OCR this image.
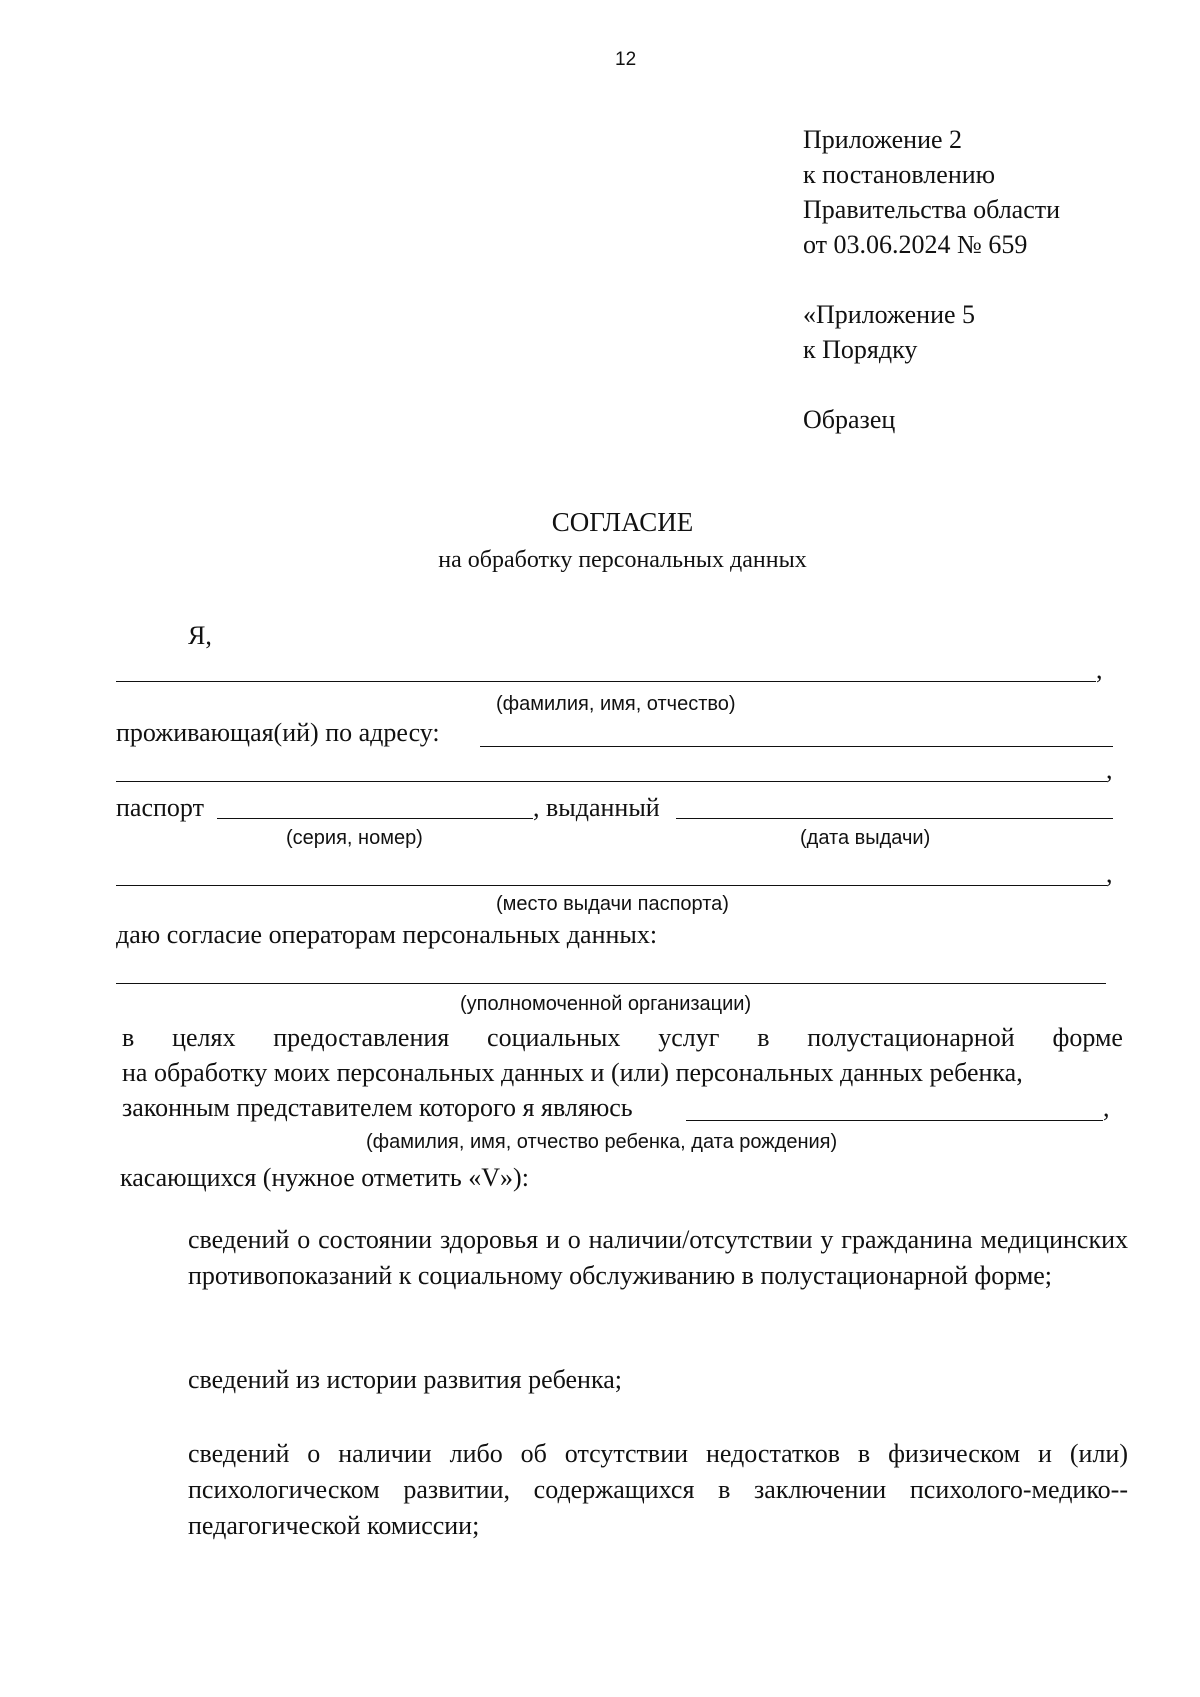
12
Приложение 2
к постановлению
Правительства области
от 03.06.2024 № 659
«Приложение 5
к Порядку
Образец
СОГЛАСИЕ
на обработку персональных данных
Я,
,
(фамилия, имя, отчество)
проживающая(ий) по адресу:
,
паспорт	, выданный
(серия, номер)	(дата выдачи)
,
(место выдачи паспорта)
даю согласие операторам персональных данных:
(уполномоченной организации)
в целях предоставления социальных услуг в полустационарной форме
на обработку моих персональных данных и (или) персональных данных ребенка,
законным представителем которого я являюсь	,
(фамилия, имя, отчество ребенка, дата рождения)
касающихся (нужное отметить «V»):
сведений о состоянии здоровья и о наличии/отсутствии у гражданина медицинских противопоказаний к социальному обслуживанию в полустационарной форме;
сведений из истории развития ребенка;
сведений о наличии либо об отсутствии недостатков в физическом и (или) психологическом развитии, содержащихся в заключении психолого-медико-педагогической комиссии;
